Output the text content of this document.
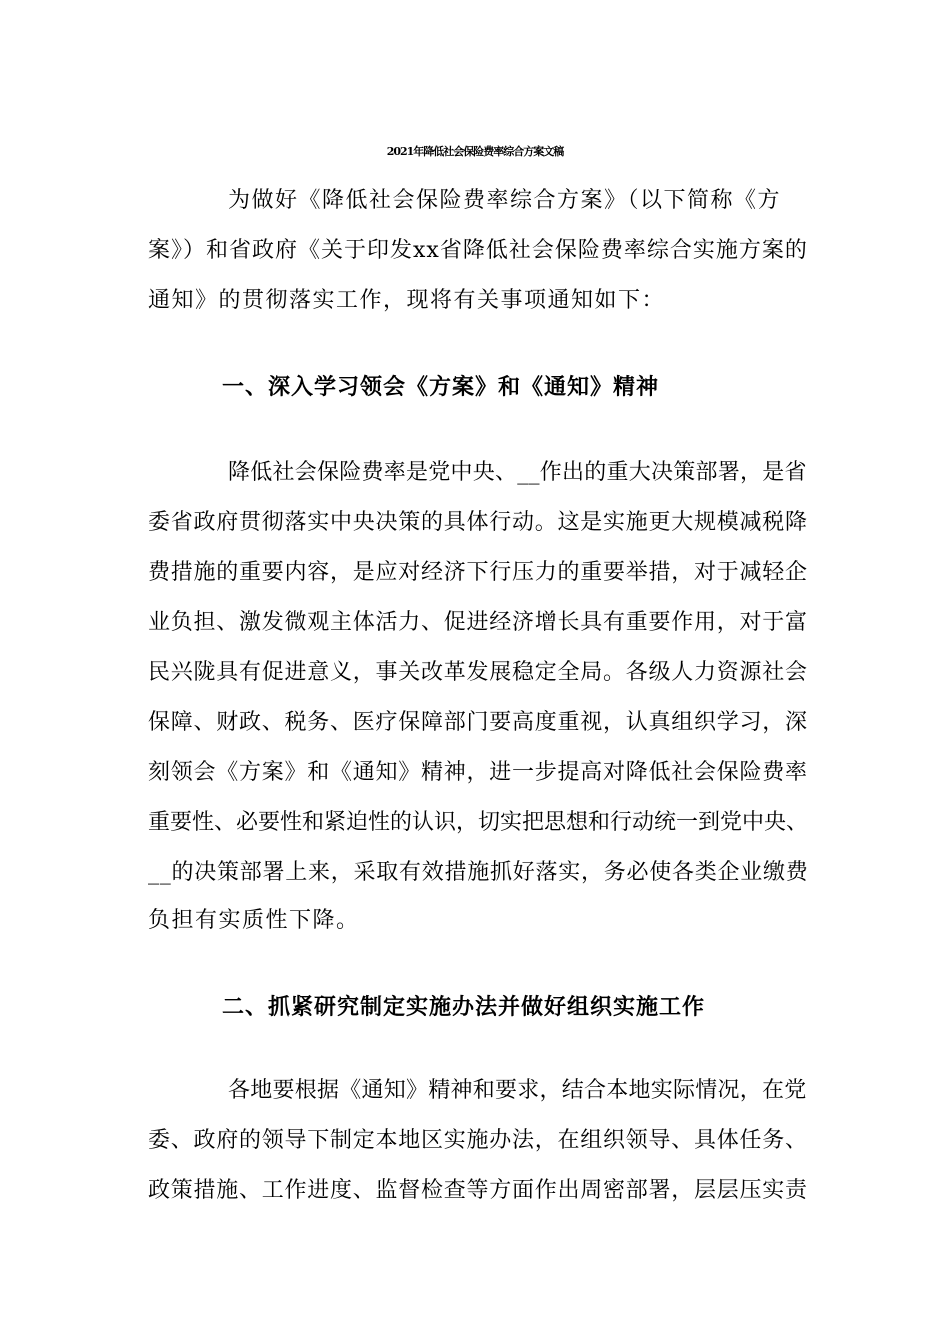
2021年降低社会保险费率综合方案文稿
为做好《降低社会保险费率综合方案》（以下简称《方
案》）和省政府《关于印发xx省降低社会保险费率综合实施方案的
通知》的贯彻落实工作，现将有关事项通知如下：
一、深入学习领会《方案》和《通知》精神
降低社会保险费率是党中央、__作出的重大决策部署，是省
委省政府贯彻落实中央决策的具体行动。这是实施更大规模减税降
费措施的重要内容，是应对经济下行压力的重要举措，对于减轻企
业负担、激发微观主体活力、促进经济增长具有重要作用，对于富
民兴陇具有促进意义，事关改革发展稳定全局。各级人力资源社会
保障、财政、税务、医疗保障部门要高度重视，认真组织学习，深
刻领会《方案》和《通知》精神，进一步提高对降低社会保险费率
重要性、必要性和紧迫性的认识，切实把思想和行动统一到党中央、
__的决策部署上来，采取有效措施抓好落实，务必使各类企业缴费
负担有实质性下降。
二、抓紧研究制定实施办法并做好组织实施工作
各地要根据《通知》精神和要求，结合本地实际情况，在党
委、政府的领导下制定本地区实施办法，在组织领导、具体任务、
政策措施、工作进度、监督检查等方面作出周密部署，层层压实责
